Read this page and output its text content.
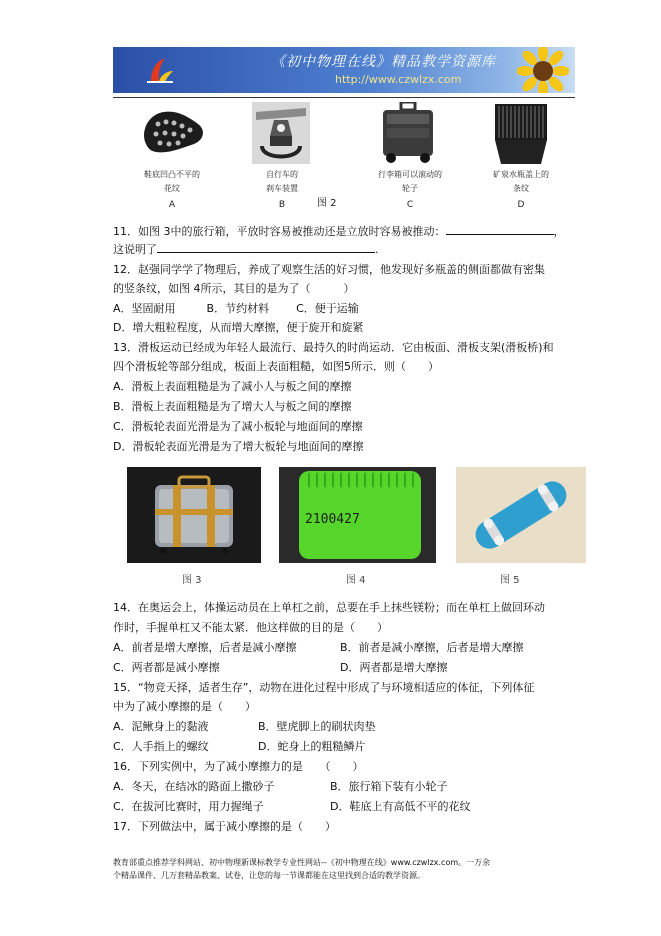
《初中物理在线》精品教学资源库
http://www.czwlzx.com
鞋底凹凸不平的
花纹
A
自行车的
刹车装置
B
行李箱可以滚动的
轮子
C
矿泉水瓶盖上的
条纹
D
图 2
11．如图 3中的旅行箱，平放时容易被推动还是立放时容易被推动：	，
这说明了	.
12．赵强同学学了物理后，养成了观察生活的好习惯，他发现好多瓶盖的侧面都做有密集
的竖条纹，如图 4所示，其目的是为了（　　　）
A．坚固耐用	B．节约材料 C．便于运输
D．增大粗粒程度，从而增大摩擦，便于旋开和旋紧
13．滑板运动已经成为年轻人最流行、最持久的时尚运动．它由板面、滑板支架(滑板桥)和
四个滑板轮等部分组成，板面上表面粗糙，如图5所示．则（　　）
A．滑板上表面粗糙是为了减小人与板之间的摩擦
B．滑板上表面粗糙是为了增大人与板之间的摩擦
C．滑板轮表面光滑是为了减小板轮与地面间的摩擦
D．滑板轮表面光滑是为了增大板轮与地面间的摩擦
图 3
2100427
图 4	图 5
14．在奥运会上，体操运动员在上单杠之前，总要在手上抹些镁粉；而在单杠上做回环动
作时，手握单杠又不能太紧．他这样做的目的是（　　）
A．前者是增大摩擦，后者是减小摩擦	B．前者是减小摩擦，后者是增大摩擦
C．两者都是减小摩擦	D．两者都是增大摩擦
15．“物竞天择，适者生存”，动物在进化过程中形成了与环境相适应的体征，下列体征
中为了减小摩擦的是（　　）
A．泥鳅身上的黏液	B．壁虎脚上的刷状肉垫
C．人手指上的螺纹	D．蛇身上的粗糙鳞片
16．下列实例中，为了减小摩擦力的是　　（　　）
A．冬天，在结冰的路面上撒砂子	B．旅行箱下装有小轮子
C．在拔河比赛时，用力握绳子	D．鞋底上有高低不平的花纹
17．下列做法中，属于减小摩擦的是（　　）
教育部重点推荐学科网站、初中物理新课标教学专业性网站--《初中物理在线》www.czwlzx.com。一万余
个精品课件、几万套精品教案、试卷，让您的每一节课都能在这里找到合适的教学资源。
